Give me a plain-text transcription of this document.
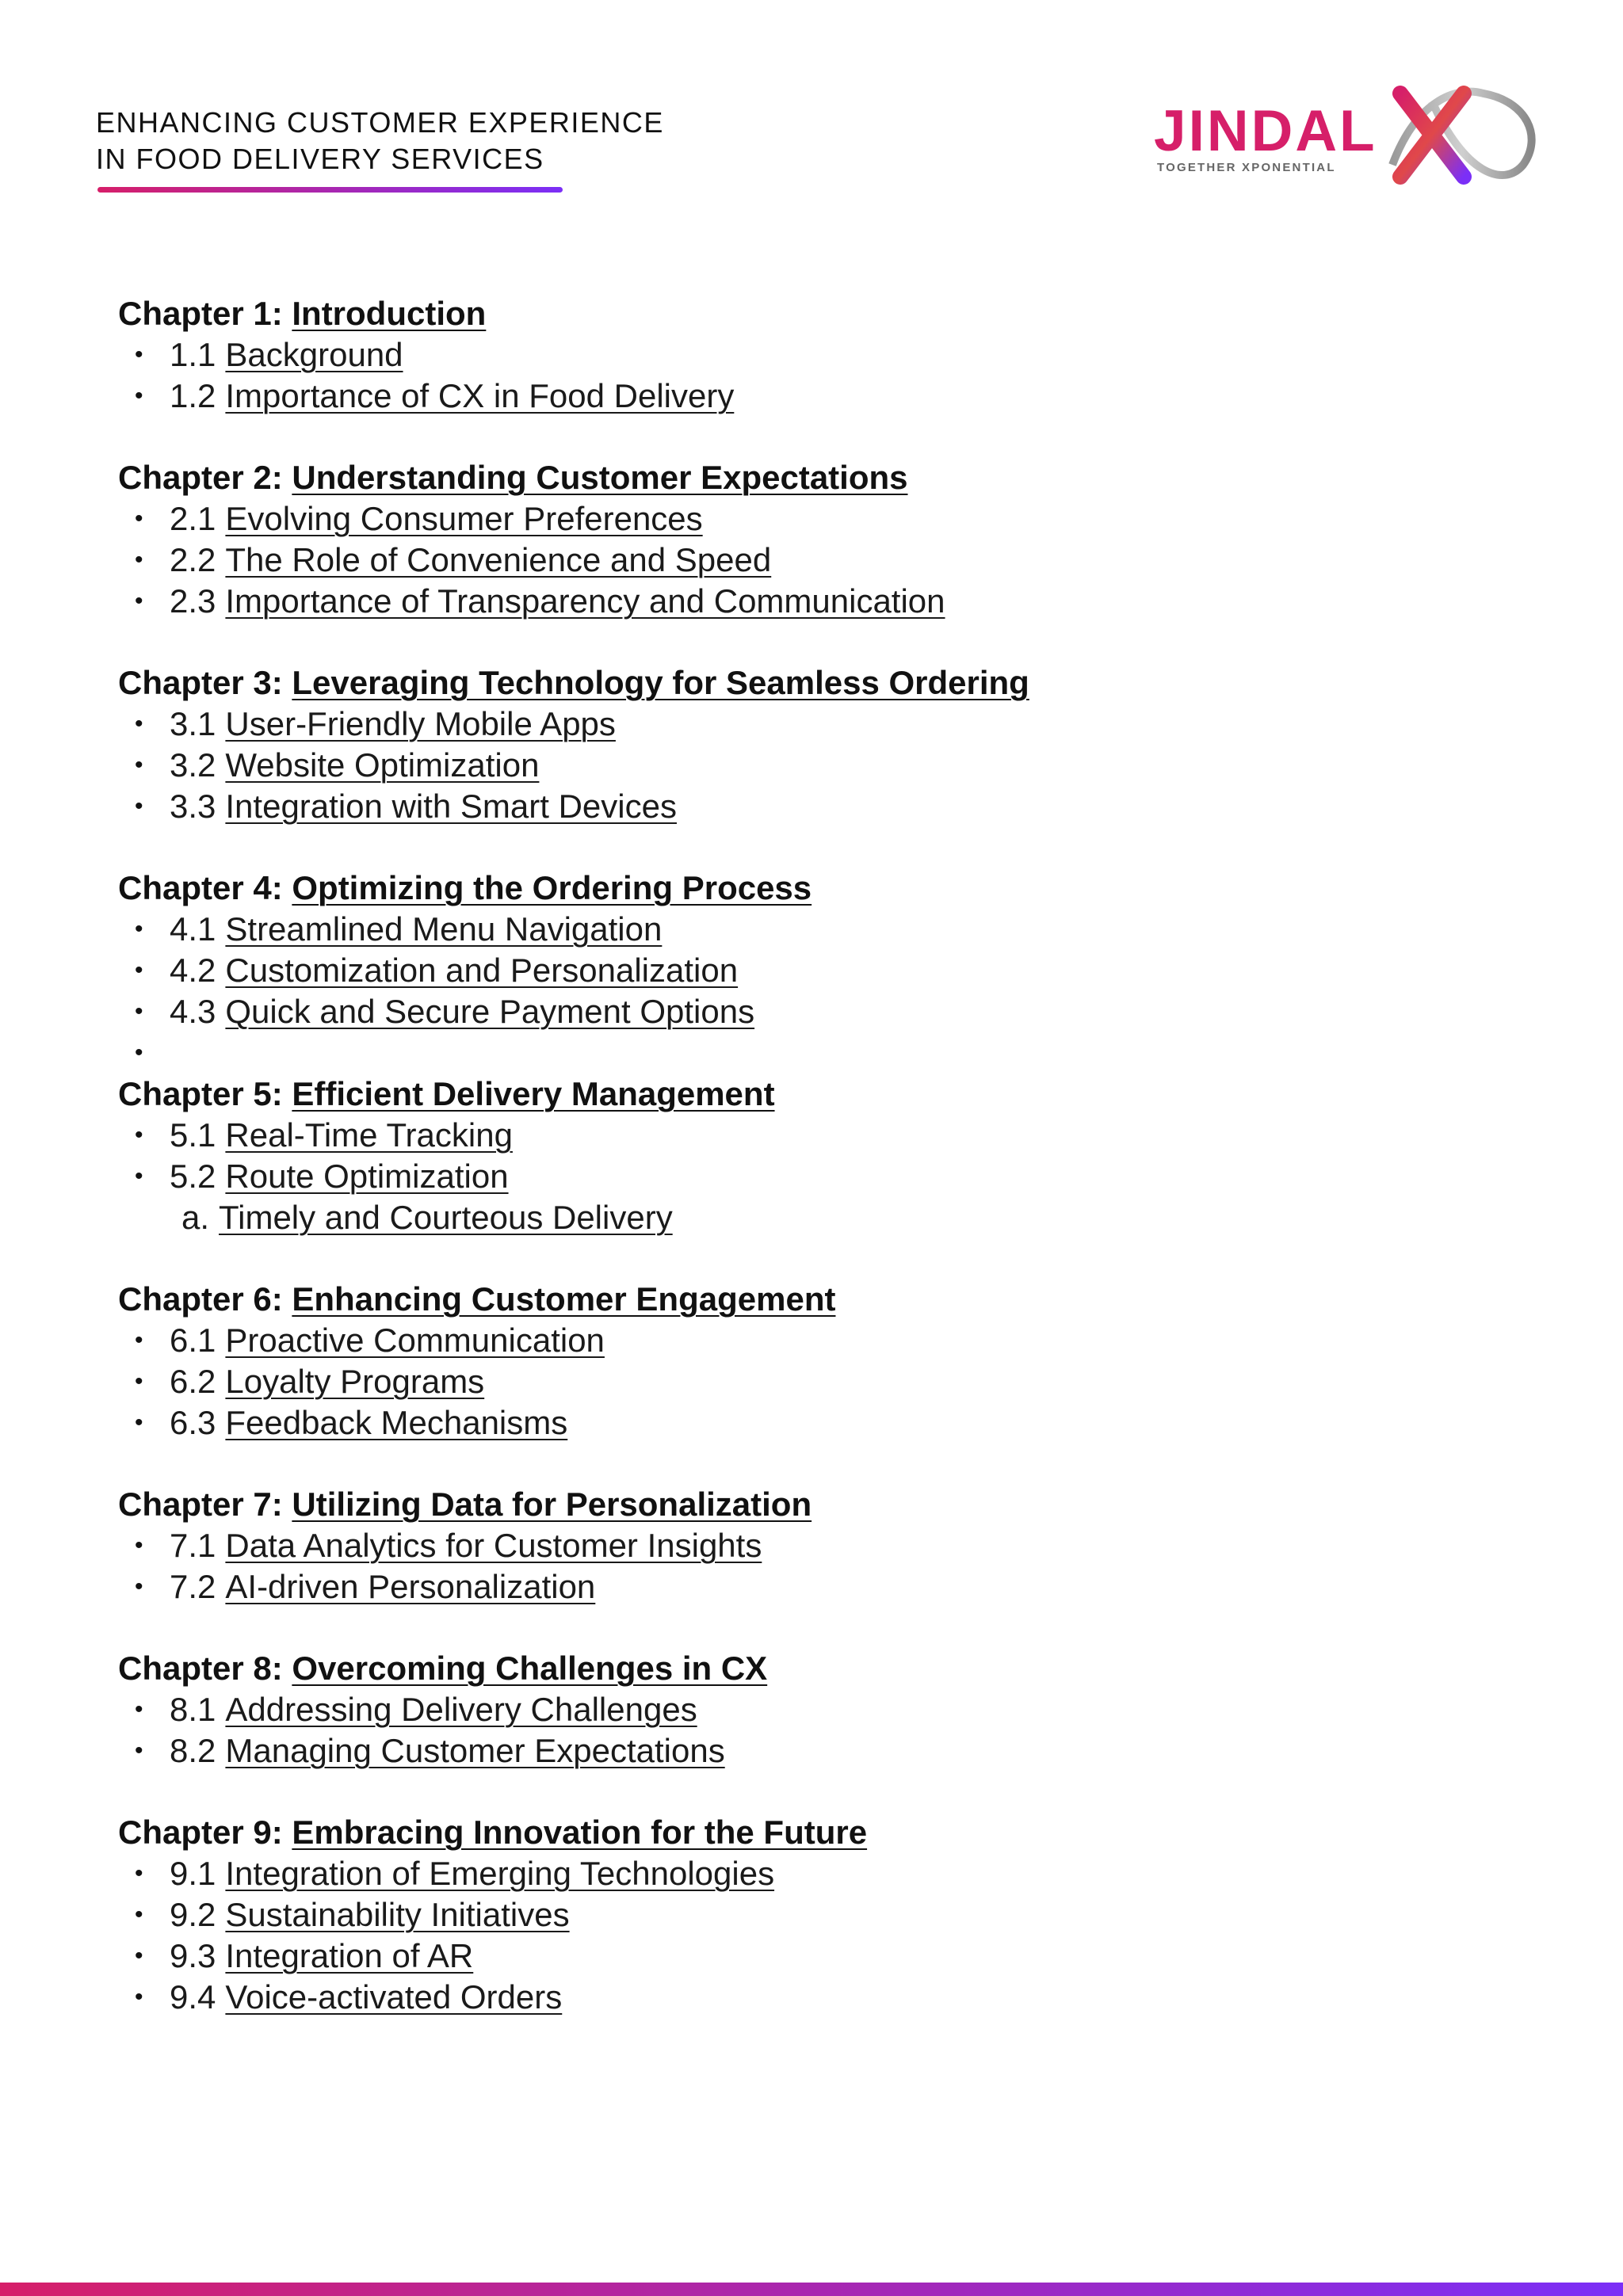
ENHANCING CUSTOMER EXPERIENCE
IN FOOD DELIVERY SERVICES	JINDAL
TOGETHER XPONENTIAL
Chapter 1: Introduction
• 1.1 Background
• 1.2 Importance of CX in Food Delivery
Chapter 2: Understanding Customer Expectations
• 2.1 Evolving Consumer Preferences
• 2.2 The Role of Convenience and Speed
• 2.3 Importance of Transparency and Communication
Chapter 3: Leveraging Technology for Seamless Ordering
• 3.1 User-Friendly Mobile Apps
• 3.2 Website Optimization
• 3.3 Integration with Smart Devices
Chapter 4: Optimizing the Ordering Process
• 4.1 Streamlined Menu Navigation
• 4.2 Customization and Personalization
• 4.3 Quick and Secure Payment Options
•
Chapter 5: Efficient Delivery Management
• 5.1 Real-Time Tracking
• 5.2 Route Optimization
a. Timely and Courteous Delivery
Chapter 6: Enhancing Customer Engagement
• 6.1 Proactive Communication
• 6.2 Loyalty Programs
• 6.3 Feedback Mechanisms
Chapter 7: Utilizing Data for Personalization
• 7.1 Data Analytics for Customer Insights
• 7.2 AI-driven Personalization
Chapter 8: Overcoming Challenges in CX
• 8.1 Addressing Delivery Challenges
• 8.2 Managing Customer Expectations
Chapter 9: Embracing Innovation for the Future
• 9.1 Integration of Emerging Technologies
• 9.2 Sustainability Initiatives
• 9.3 Integration of AR
• 9.4 Voice-activated Orders
